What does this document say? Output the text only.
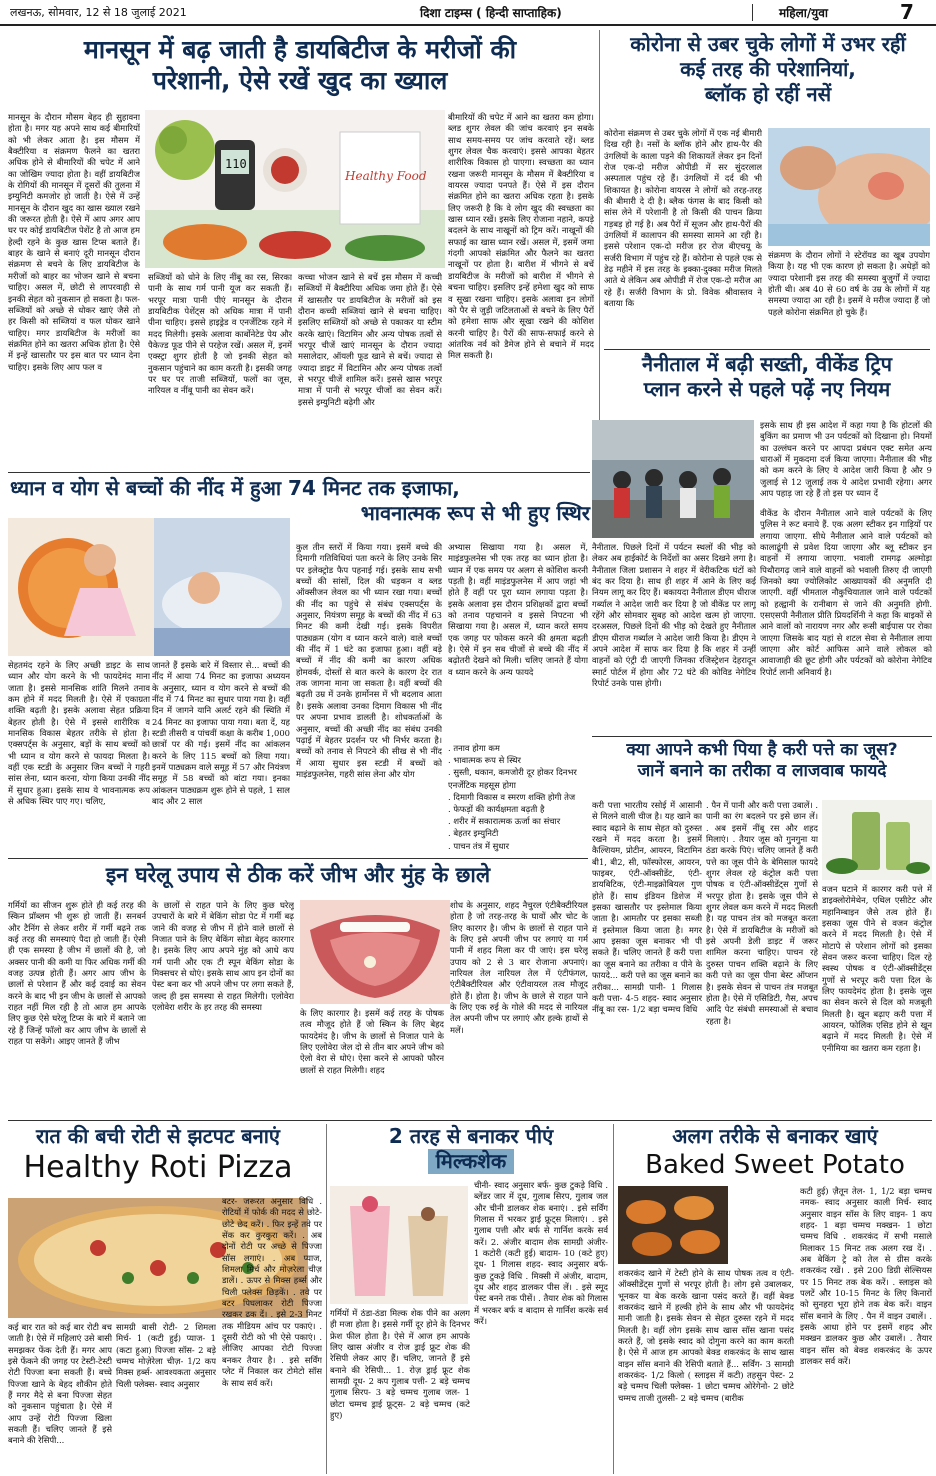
लखनऊ, सोमवार, 12 से 18 जुलाई 2021	दिशा टाइम्स ( हिन्दी साप्ताहिक)	महिला/युवा	7
मानसून में बढ़ जाती है डायबिटीज के मरीजों की
परेशानी, ऐसे रखें खुद का ख्याल
110
Healthy Food
मानसून के दौरान मौसम बेहद ही सुहावना होता है। मगर यह अपने साथ कई बीमारियों को भी लेकर आता है। इस मौसम में बैक्टीरिया व संक्रमण फैलने का खतरा अधिक होने से बीमारियों की चपेट में आने का जोखिम ज्यादा होता है। वहीं डायबिटीज के रोगियों की मानसून में दूसरों की तुलना में इम्युनिटी कमजोर हो जाती है। ऐसे में उन्हें मानसून के दौरान खुद का खास ख्याल रखने की जरूरत होती है। ऐसे में आप अगर आप घर पर कोई डायबिटीज पेशेंट है तो आज हम हेल्दी रहने के कुछ खास टिप्स बताते हैं। बाहर के खाने से बनाएं दूरी मानसून दौरान संक्रमण से बचने के लिए डायबिटीज के मरीजों को बाहर का भोजन खाने से बचना चाहिए। असल में, छोटी से लापरवाही से इनकी सेहत को नुकसान हो सकता है। फल- सब्जियों को अच्छे से धोकर खाएं जैसे तो हर किसी को सब्जियां व फल धोकर खाने चाहिए। मगर डायबिटीज के मरीजों का संक्रमित होने का खतरा अधिक होता है। ऐसे में इन्हें खासतौर पर इस बात पर ध्यान देना चाहिए। इसके लिए आप फल व
सब्जियों को धोने के लिए नींबू का रस, सिरका पानी के साथ गर्म पानी यूज कर सकती हैं। भरपूर मात्रा पानी पीएं मानसून के दौरान डायबिटीक पेशेंट्स को अधिक मात्रा में पानी पीना चाहिए। इससे हाइड्रेड व एनर्जेटिक रहने में मदद मिलेगी। इसके अलावा कार्बोनेटेड पेय और पैकेज्ड फूड पीने से परहेज रखें। असल में, इनमें एक्स्ट्रा शुगर होती है जो इनकी सेहत को नुकसान पहुंचाने का काम करती है। इसकी जगह पर घर पर ताजी सब्जियों, फलों का जूस, नारियल व नींबू पानी का सेवन करें।
कच्चा भोजन खाने से बचें इस मौसम में कच्ची सब्जियों में बैक्टीरिया अधिक जमा होते हैं। ऐसे में खासतौर पर डायबिटीज के मरीजों को इस दौरान कच्ची सब्जियां खाने से बचना चाहिए। इसलिए सब्जियों को अच्छे से पकाकर या स्टीम करके खाएं। विटामिन और अन्य पोषक तत्वों से भरपूर चीजें खाएं मानसून के दौरान ज्यादा मसालेदार, ऑयली फूड खाने से बचें। ज्यादा से ज्यादा डाइट में विटामिन और अन्य पोषक तत्वों से भरपूर चीजें शामिल करें। इससे खास भरपूर मात्रा में पानी से भरपूर चीजों का सेवन करें। इससे इम्युनिटी बढ़ेगी और
बीमारियों की चपेट में आने का खतरा कम होगा। ब्लड शुगर लेवल की जांच करवाएं इन सबके साथ समय-समय पर जांच करवाते रहें। ब्लड शुगर लेवल चैक करवाएं। इससे आपका बेहतर शारीरिक विकास हो पाएगा। स्वच्छता का ध्यान रखना जरूरी मानसून के मौसम में बैक्टीरिया व वायरस ज्यादा पनपते हैं। ऐसे में इस दौरान संक्रमित होने का खतरा अधिक रहता है। इसके लिए जरूरी है कि वे लोग खुद की स्वच्छता का खास ध्यान रखें। इसके लिए रोजाना नहाने, कपड़े बदलने के साथ नाखूनों को ट्रिम करें। नाखूनों की सफाई का खास ध्यान रखें। असल में, इसमें जमा गंदगी आपको संक्रमित और फैलने का खतरा नाखूनों पर होता है। बारीश में भीगने से बचें डायबिटीज के मरीजों को बारीश में भीगने से बचना चाहिए। इसलिए इन्हें हमेशा खुद को साफ व सूखा रखना चाहिए। इसके अलावा इन लोगों को पैर से जुड़ी जटिलताओं से बचने के लिए पैरों को हमेशा साफ और सूखा रखने की कोशिश करनी चाहिए है। पैरों की साफ-सफाई करने से आंतरिक नर्व को डैमेज होने से बचाने में मदद मिल सकती है।
कोरोना से उबर चुके लोगों में उभर रहीं
कई तरह की परेशानियां,
ब्लॉक हो रहीं नसें
कोरोना संक्रमण से उबर चुके लोगों में एक नई बीमारी दिख रही है। नसों के ब्लॉक होने और हाथ-पैर की उंगलियों के काला पड़ने की शिकायतें लेकर इन दिनों रोज एक-दो मरीज ओपीडी में सर सुंदरलाल अस्पताल पहुंच रहे हैं। उंगलियों में दर्द की भी शिकायत है। कोरोना वायरस ने लोगों को तरह-तरह की बीमारी दे दी है। ब्लैक फंगस के बाद किसी को सांस लेने में परेशानी है तो किसी की पाचन क्रिया गड़बड़ हो गई है। अब पैरों में सूजन और हाथ-पैरों की उंगलियों में कालापन की समस्या सामने आ रही है। इससे परेशान एक-दो मरीज हर रोज बीएचयू के सर्जरी विभाग में पहुंच रहे हैं। कोरोना से पहले एक से डेढ़ महीने में इस तरह के इक्का-दुक्का मरीज मिलते आते थे लेकिन अब ओपीडी में रोज एक-दो मरीज आ रहे हैं। सर्जरी विभाग के प्रो. विवेक श्रीवास्तव ने बताया कि
संक्रमण के दौरान लोगों ने स्टेरॉयड का खूब उपयोग किया है। यह भी एक कारण हो सकता है। अधेड़ों को ज्यादा परेशानी इस तरह की समस्या बुजुर्गों में ज्यादा होती थी। अब 40 से 60 वर्ष के उम्र के लोगों में यह समस्या ज्यादा आ रही है। इसमें वे मरीज ज्यादा हैं जो पहले कोरोना संक्रमित हो चुके हैं।
नैनीताल में बढ़ी सख्ती, वीकेंड ट्रिप
प्लान करने से पहले पढ़ें नए नियम
इसके साथ ही इस आदेश में कहा गया है कि होटलों की बुकिंग का प्रमाण भी उन पर्यटकों को दिखाना हो। नियमों का उल्लंघन करने पर आपदा प्रबंधन एक्ट समेत अन्य धाराओं में मुकदमा दर्ज किया जाएगा। नैनीताल की भीड़ को कम करने के लिए ये आदेश जारी किया है और 9 जुलाई से 12 जुलाई तक ये आदेश प्रभावी रहेगा। अगर आप पहाड़ जा रहे हैं तो इस पर ध्यान दें
नैनीताल. पिछले दिनों में पर्यटन स्थलों की भीड़ को लेकर अब हाईकोर्ट के निर्देशों का असर दिखने लगा है। नैनीताल जिला प्रशासन ने शहर में वेरीकटिक घंटों को बंद कर दिया है। साथ ही शहर में आने के लिए कई नियम लागू कर दिए हैं। बकायदा नैनीताल डीएम धीराज गर्ब्याल ने आदेश जारी कर दिया है जो वीकेंड पर लागू रहेंगे और सोमवार सुबह को आदेश खत्म हो जाएगा. दरअसल, पिछले दिनों की भीड़ को देखते हुए नैनीताल डीएम धीराज गर्ब्याल ने आदेश जारी किया है। डीएम ने अपने आदेश में साफ कर दिया है कि शहर में उन्हीं वाहनों को एंट्री दी जाएगी जिनका रजिस्ट्रेशन देहरादून स्मार्ट पोर्टल में होगा और 72 घंटे की कोविड नेगेटिव रिपोर्ट उनके पास होगी।
वीकेंड के दौरान नैनीताल आने वाले पर्यटकों के लिए पुलिस ने रूट बनाये हैं. एक अलग स्टीकर इन गाड़ियों पर लगाया जाएगा. सीधे नैनीताल आने वाले पर्यटकों को कालाढूंगी से प्रवेश दिया जाएगा और ब्लू स्टीकर इन वाहनों में लगाया जाएगा. भवाली रामगढ़ अल्मोड़ा पिथौरागढ़ जाने वाले वाहनों को भवाली तिरुए दी जाएगी जिनको क्या ज्योलिकोट आख्यायकों की अनुमति दी जाएगी. वहीं भीमताल नौकुचियाताल जाने वाले पर्यटकों को हल्द्वानी के रानीबाग से जाने की अनुमति होगी. एसएसपी नैनीताल प्रीति प्रियदर्शिनी ने कहा कि बाइकों से आने वालों को नारायण नगर और रूसी बाईपास पर रोका जाएगा जिसके बाद यहां से शटल सेवा से नैनीताल लाया जाएगा और कोर्ट आफिस आने वाले लोकल को आवाजाही की छूट होगी और पर्यटकों को कोरोना नेगेटिव रिपोर्ट लानी अनिवार्य है।
ध्यान व योग से बच्चों की नींद में हुआ 74 मिनट तक इजाफा,
भावनात्मक रूप से भी हुए स्थिर
सेहतमंद रहने के लिए अच्छी डाइट के साथ ध्यान और योग करने के भी फायदेमंद माना जाता है। इससे मानसिक शांति मिलने तनाव कम होने में मदद मिलती है। ऐसे में एकाग्रता शक्ति बढ़ती है। इसके अलावा सेहत प्रक्रिया बेहतर होती है। ऐसे में इससे शारीरिक व मानसिक विकास बेहतर तरीके से होता है। एक्सपर्ट्स के अनुसार, बड़ों के साथ बच्चों को भी ध्यान व योग करने से फायदा मिलता है। वहीं एक स्टडी के अनुसार जिन बच्चों ने गहरी सांस लेना, ध्यान करना, योगा किया उनकी नींद में सुधार हुआ। इसके साथ ये भावनात्मक रूप से अधिक स्थिर पाए गए। चलिए,
जानते हैं इसके बारे में विस्तार से... बच्चों की नींद में आया 74 मिनट का इजाफा अध्ययन के अनुसार, ध्यान व योग करने से बच्चों की नींद में 74 मिनट का सुधार पाया गया है। वहीं दिन में जागने यानि अलर्ट रहने की स्थिति में 24 मिनट का इजाफा पाया गया। बता दें, यह स्टडी तीसरी व पांचवीं कक्षा के करीब 1,000 छात्रों पर की गई। इसमें नींद का आंकलन करने के लिए 115 बच्चों को लिया गया। इनमें पाठ्यक्रम वाले समूह में 57 और नियंत्रण समूह में 58 बच्चों को बांटा गया। इनका आंकलन पाठ्यक्रम शुरू होने से पहले, 1 साल बाद और 2 साल
कुल तीन स्तरों में किया गया। इसमें बच्चे की दिमागी गतिविधियां पता करने के लिए उनके सिर पर इलेक्ट्रोड फैप पहनाई गई। इसके साथ सभी बच्चों की सांसों, दिल की धड़कन व ब्लड ऑक्सीजन लेवल का भी ध्यान रखा गया। बच्चों की नींद का पहुंचे से संबंध एक्सपर्ट्स के अनुसार, नियंत्रण समूह के बच्चों की नींद में 63 मिनट की कमी देखी गई। इसके विपरीत पाठ्यक्रम (योग व ध्यान करने वाले) वाले बच्चों की नींद में 1 घंटे का इजाफा हुआ। वहीं बड़े बच्चों में नींद की कमी का कारण अधिक होमवर्क, दोस्तों से बात करने के कारण देर रात तक जागना माना जा सकता है। वहीं बच्चों की बढ़ती उम्र में उनके हार्मोनस में भी बदलाव आता है। इसके अलावा उनका दिमाग विकास भी नींद पर अपना प्रभाव डालती है। शोधकर्ताओं के अनुसार, बच्चों की अच्छी नींद का संबंध उनकी पढ़ाई में बेहतर प्रदर्शन पर भी निर्भर करता है। बच्चों को तनाव से निपटने की सीख से भी नींद में आया सुधार इस स्टडी में बच्चों को माइंडफुलनेस, गहरी सांस लेना और योग
अभ्यास सिखाया गया है। असल में, माइंडफुलनेस भी एक तरह का ध्यान होता है। ध्यान में एक समय पर अलग से कोशिश करनी पड़ती है। वहीं माइंडफुलनेस में आप जहां भी होते हैं वहीं पर पूरा ध्यान लगाया पड़ता है। इसके अलावा इस दौरान प्रशिक्षकों द्वारा बच्चों को तनाव पहचानने व इससे निपटना भी सिखाया गया है। असल में, ध्यान करते समय एक जगह पर फोकस करने की क्षमता बढ़ती है। ऐसे में इन सब चीजों से बच्चे की नींद में बढ़ोतरी देखने को मिली। चलिए जानते हैं योगा व ध्यान करने के अन्य फायदे
. तनाव होगा कम
. भावात्मक रूप से स्थिर
. सुस्ती, थकान, कमजोरी दूर होकर दिनभर एनर्जेटिक महसूस होगा
. दिमागी विकास व स्मरण शक्ति होगी तेज
. फेफड़ों की कार्यक्षमता बढ़ती है
. शरीर में सकारात्मक ऊर्जा का संचार
. बेहतर इम्युनिटी
. पाचन तंत्र में सुधार
क्या आपने कभी पिया है करी पत्ते का जूस?
जानें बनाने का तरीका व लाजवाब फायदे
करी पत्ता भारतीय रसोई में आसानी से मिलने वाली चीज है। यह खाने का स्वाद बढ़ाने के साथ सेहत को दुरुस्त रखने में मदद करता है। इसमें कैल्शियम, प्रोटीन, आयरन, विटामिन बी1, बी2, सी, फॉस्फोरस, आयरन, फाइबर, एंटी-ऑक्सीडेंट, एंटी-डायबिटिक, एंटी-माइक्रोबियल गुण होते हैं। साथ इंडियन डिशेज में इसका खासतौर पर इस्तेमाल किया जाता है। आमतौर पर इसका सब्जी में इस्तेमाल किया जाता है। मगर आप इसका जूस बनाकर भी पी सकते हैं। चलिए जानते हैं करी पत्ता का जूस बनाने का तरीका व पीने के फायदे... करी पत्ते का जूस बनाने का तरीका... सामग्री पानी- 1 गिलास करी पत्ता- 4-5 शहद- स्वाद अनुसार नींबू का रस- 1/2 बड़ा चम्मच विधि
. पैन में पानी और करी पत्ता उबालें। . पानी का रंग बदलने पर इसे छान लें। . अब इसमें नींबू रस और शहद मिलाएं। . तैयार जूस को गुनगुना या ठंडा करके पिएं। चलिए जानते हैं करी पत्ते का जूस पीने के बेमिसाल फायदे शुगर लेवल रहे कंट्रोल करी पत्ता पोषक व एंटी-ऑक्सीडेंट्स गुणों से भरपूर होता है। इसके जूस पीने से शुगर लेवल कम करने में मदद मिलती है। यह पाचन तंत्र को मजबूत करता है। ऐसे में डायबिटीज के मरीजों को इसे अपनी डेली डाइट में जरूर शामिल करना चाहिए। पाचन रहे दुरुस्त पाचन शक्ति बढ़ाने के लिए करी पत्ते का जूस पीना बेस्ट ऑप्शन है। इसके सेवन से पाचन तंत्र मजबूत होता है। ऐसे में एसिडिटी, गैस, अपच आदि पेट संबंधी समस्याओं से बचाव रहता है।
वजन घटाने में कारगर करी पत्ते में डाइक्लोरोमेथेन, एथिल एसीटेट और महानिम्बाइन जैसे तत्व होते हैं। इसका जूस पीने से वजन कंट्रोल करने में मदद मिलती है। ऐसे में मोटापे से परेशान लोगों को इसका सेवन जरूर करना चाहिए। दिल रहे स्वस्थ पोषक व एंटी-ऑक्सीडेंट्स गुणों से भरपूर करी पत्ता दिल के लिए फायदेमंद होता है। इसके जूस का सेवन करने से दिल को मजबूती मिलती है। खून बढ़ाए करी पत्ता में आयरन, फोलिक एसिड होने से खून बढ़ाने में मदद मिलती है। ऐसे में एनीमिया का खतरा कम रहता है।
इन घरेलू उपाय से ठीक करें जीभ और मुंह के छाले
गर्मियों का सीजन शुरू होते ही कई तरह की स्किन प्रॉब्लम भी शुरू हो जाती हैं। सनबर्न और टैनिंग से लेकर शरीर में गर्मी बढ़ने तक कई तरह की समस्याएं पैदा हो जाती हैं। ऐसी ही एक समस्या है जीभ में छालों की है, जो अक्सर पानी की कमी या फिर अधिक गर्मी की वजह उत्पन्न होती हैं। अगर आप जीभ के छालों से परेशान हैं और कई दवाई का सेवन करने के बाद भी इन जीभ के छालों से आपको राहत नहीं मिल रही है तो आज हम आपके लिए कुछ ऐसे घरेलू टिप्स के बारे में बताने जा रहे हैं जिन्हें फॉलो कर आप जीभ के छालों से राहत पा सकेंगे। आइए जानते हैं जीभ
के छालों से राहत पाने के लिए कुछ घरेलू उपचारों के बारे में बेकिंग सोडा पेट में गर्मी बढ़ जाने की वजह से जीभ में होने वाले छालों से निजात पाने के लिए बेकिंग सोडा बेहद कारगार है। इसके लिए आप अपने मुंह को आधे कप गर्म पानी और एक टी स्पून बेकिंग सोडा के मिक्सचर से धोएं। इसके साथ आप इन दोनों का पेस्ट बना कर भी अपने जीभ पर लगा सकते हैं, जल्द ही इस समस्या से राहत मिलेगी। एलोवेरा एलोवेरा शरीर के हर तरह की समस्या
के लिए कारगार है। इसमें कई तरह के पोषक तत्व मौजूद होते हैं जो स्किन के लिए बेहद फायदेमंद है। जीभ के छालों से निजात पाने के लिए एलोवेरा जेल दो से तीन बार अपने जीभ को ऐलो वेरा से धोएं। ऐसा करने से आपको फौरन छालों से राहत मिलेगी। शहद
शोध के अनुसार, शहद नैचुरल एंटीबैक्टीरियल होता है जो तरह-तरह के घावों और चोट के लिए कारगर है। जीभ के छालों से राहत पाने के लिए इसे अपनी जीभ पर लगाएं या गर्म पानी में शहद मिला कर पी जाएं। इस घरेलू उपाय को 2 से 3 बार रोजाना अपनाएं। नारियल तेल नारियल तेल में एंटीफंगल, एंटीबैक्टीरियल और एंटीवायरल तत्व मौजूद होते हैं। होता है। जीभ के छाले से राहत पाने के लिए एक रुई के गोले की मदद से नारियल तेल अपनी जीभ पर लगाएं और हल्के हाथों से मलें।
रात की बची रोटी से झटपट बनाएं
Healthy Roti Pizza
कई बार रात को कई बार रोटी बच जाती है। ऐसे में महिलाएं उसे बासी समझकर फेंक देती हैं। मगर आप इसे फेंकने की जगह पर टेस्टी-टेस्टी रोटी पिज्जा बना सकती हैं। बच्चे पिज्जा खाने के बेहद शौकीन होते हैं मगर मैदे से बना पिज्जा सेहत को नुकसान पहुंचाता है। ऐसे में आप उन्हें रोटी पिज्जा खिला सकती हैं। चलिए जानते हैं इसे बनाने की रेसिपी...
सामग्री बासी रोटी- 2 शिमला मिर्च- 1 (कटी हुई) प्याज- 1 (कटा हुआ) पिज्जा सॉस- 2 बड़े चम्मच मोज़ेरेला चीज़- 1/2 कप मिक्स हर्ब्स- आवश्यकता अनुसार चिली फ्लेक्स- स्वाद अनुसार
बटर- जरूरत अनुसार विधि . रोटियों में फोर्क की मदद से छोटे- छोटे छेद करें। . फिर इन्हें तवे पर सेंक कर कुरकुरा करें। . अब दोनों रोटी पर अच्छे से पिज्जा सॉस लगाएं। . अब प्याज, शिमला मिर्च और मोज़रेला चीज़ डालें। . ऊपर से मिक्स हर्ब्स और चिली फ्लेक्स छिड़कें। . तवे पर बटर पिघलाकर रोटी पिज्जा रखकर ढक दें। . इसे 2-3 मिनट तक मीडियम आंच पर पकाएं। . दूसरी रोटी को भी ऐसे पकाएं। . लीजिए आपका रोटी पिज्जा बनकर तैयार है। . इसे सर्विंग प्लेट में निकाल कर टोमेटो सॉस के साथ सर्व करें।
2 तरह से बनाकर पीएं
मिल्कशेक
गर्मियों में ठंडा-ठंडा मिल्क शेक पीने का अलग ही मजा होता है। इससे गर्मी दूर होने के दिनभर फ्रेश फील होता है। ऐसे में आज हम आपके लिए खास अंजीर व रोज ड्राई फ्रूट शेक की रेसिपी लेकर आए हैं। चलिए, जानते हैं इसे बनाने की रेसिपी... 1. रोज़ ड्राई फ्रूट शेक सामग्री दूध- 2 कप गुलाब पत्ती- 2 बड़े चम्मच गुलाब सिरप- 3 बड़े चम्मच गुलाब जल- 1 छोटा चम्मच ड्राई फ्रूट्स- 2 बड़े चम्मच (कटे हुए)
चीनी- स्वाद अनुसार बर्फ- कुछ टुकड़े विधि . ब्लेंडर जार में दूध, गुलाब सिरप, गुलाब जल और चीनी डालकर शेक बनाएं। . इसे सर्विंग गिलास में भरकर ड्राई फ्रूट्स मिलाएं। . इसे गुलाब पत्ती और बर्फ से गार्निश करके सर्व करें। 2. अंजीर बादाम शेक सामग्री अंजीर- 1 कटोरी (कटी हुई) बादाम- 10 (कटे हुए) दूध- 1 गिलास शहद- स्वाद अनुसार बर्फ- कुछ टुकड़े विधि . मिक्सी में अंजीर, बादाम, दूध और शहद डालकर पीस लें। . इसे स्मूद पेस्ट बनने तक पीसें। . तैयार शेक को गिलास में भरकर बर्फ व बादाम से गार्निश करके सर्व करें।
अलग तरीके से बनाकर खाएं
Baked Sweet Potato
शकरकंद खाने में टेस्टी होने के साथ पोषक तत्व व एंटी-ऑक्सीडेंट्स गुणों से भरपूर होती है। लोग इसे उबालकर, भूनकर या बेक करके खाना पसंद करते हैं। वहीं बेक्ड शकरकंद खाने में हल्की होने के साथ और भी फायदेमंद मानी जाती है। इसके सेवन से सेहत दुरुस्त रहने में मदद मिलती है। वहीं लोग इसके साथ खास सॉस खाना पसंद करते हैं, जो इसके स्वाद को दोगुना करने का काम करती है। ऐसे में आज हम आपको बेक्ड शकरकंद के साथ खास वाइन सॉस बनाने की रेसिपी बताते हैं... सर्विंग- 3 सामग्री शकरकंद- 1/2 किलो ( स्लाइस में कटी) तहसुन पेस्ट- 2 बड़े चम्मच चिली फ्लेक्स- 1 छोटा चम्मच ओरेगेनो- 2 छोटे चम्मच ताजी तुलसी- 2 बड़े चम्मच (बारीक
कटी हुई) ज़ैतून तेल- 1, 1/2 बड़ा चम्मच नमक- स्वाद अनुसार काली मिर्च- स्वाद अनुसार वाइन सॉस के लिए वाइन- 1 कप शहद- 1 बड़ा चम्मच मक्खन- 1 छोटा चम्मच विधि . शकरकंद में सभी मसाले मिलाकर 15 मिनट तक अलग रख दें। . अब बेकिंग ट्रे को तेल से ग्रीस करके शकरकंद रखें। . इसे 200 डिग्री सेल्सियस पर 15 मिनट तक बेक करें। . स्लाइस को पलटें और 10-15 मिनट के लिए किनारों को सुनहरा भूरा होने तक बेक करें। वाइन सॉस बनाने के लिए . पैन में वाइन उबालें। . इसके आधा होने पर इसमें शहद और मक्खन डालकर कुछ और उबालें। . तैयार वाइन सॉस को बेक्ड शकरकंद के ऊपर डालकर सर्व करें।
